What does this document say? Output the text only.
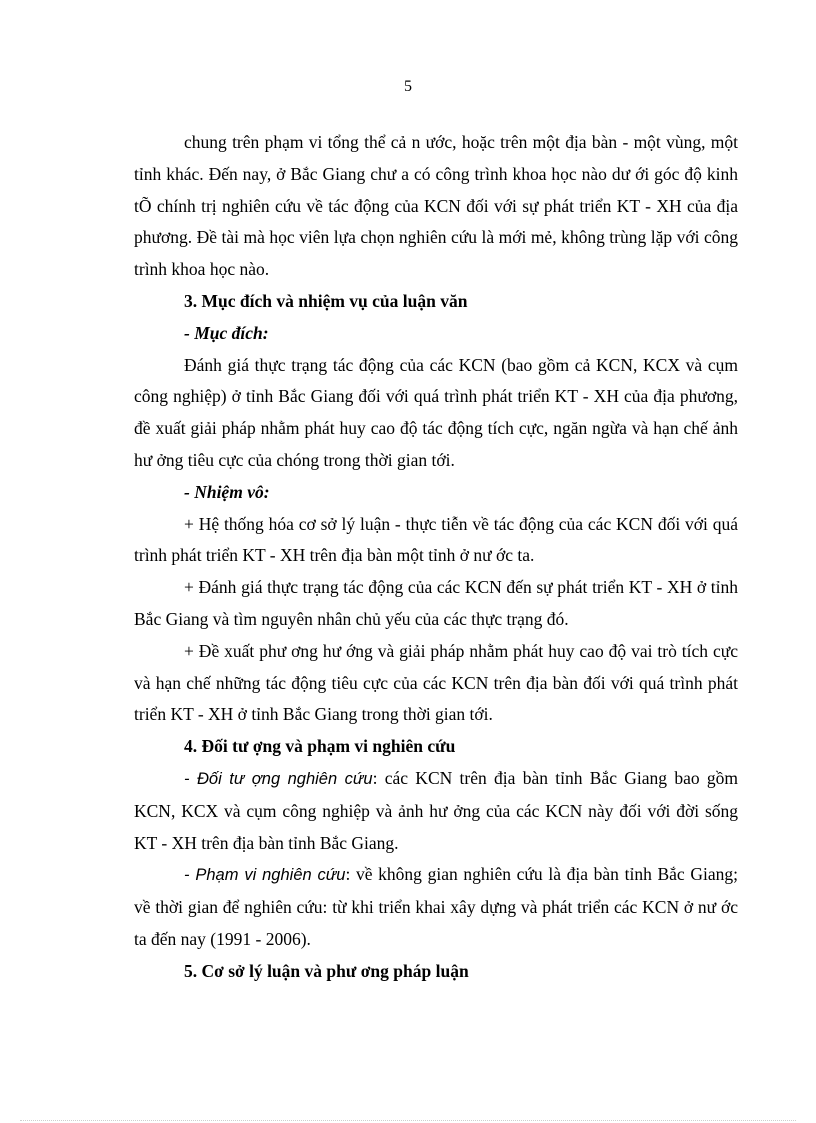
5

chung trên phạm vi tổng thể cả n ước, hoặc trên một địa bàn - một vùng, một tỉnh khác. Đến nay, ở Bắc Giang chư a có công trình khoa học nào dư ới góc độ kinh tÕ chính trị nghiên cứu về tác động của KCN đối với sự phát triển KT - XH của địa phương. Đề tài mà học viên lựa chọn nghiên cứu là mới mẻ, không trùng lặp với công trình khoa học nào.

3. Mục đích và nhiệm vụ của luận văn

- Mục đích:

Đánh giá thực trạng tác động của các KCN (bao gồm cả KCN, KCX và cụm công nghiệp) ở tỉnh Bắc Giang đối với quá trình phát triển KT - XH của địa phương, đề xuất giải pháp nhằm phát huy cao độ tác động tích cực, ngăn ngừa và hạn chế ảnh hư ởng tiêu cực của chóng trong thời gian tới.

- Nhiệm vô:

+ Hệ thống hóa cơ sở lý luận - thực tiễn về tác động của các KCN đối với quá trình phát triển KT - XH trên địa bàn một tỉnh ở nư ớc ta.

+ Đánh giá thực trạng tác động của các KCN đến sự phát triển KT - XH ở tỉnh Bắc Giang và tìm nguyên nhân chủ yếu của các thực trạng đó.

+ Đề xuất phư ơng hư ớng và giải pháp nhằm phát huy cao độ vai trò tích cực và hạn chế những tác động tiêu cực của các KCN trên địa bàn đối với quá trình phát triển KT - XH ở tỉnh Bắc Giang trong thời gian tới.

4. Đối tư ợng và phạm vi nghiên cứu

- Đối tư ợng nghiên cứu: các KCN trên địa bàn tỉnh Bắc Giang bao gồm KCN, KCX và cụm công nghiệp và ảnh hư ởng của các KCN này đối với đời sống KT - XH trên địa bàn tỉnh Bắc Giang.

- Phạm vi nghiên cứu: về không gian nghiên cứu là địa bàn tỉnh Bắc Giang; về thời gian để nghiên cứu: từ khi triển khai xây dựng và phát triển các KCN ở nư ớc ta đến nay (1991 - 2006).

5. Cơ sở lý luận và phư ơng pháp luận
